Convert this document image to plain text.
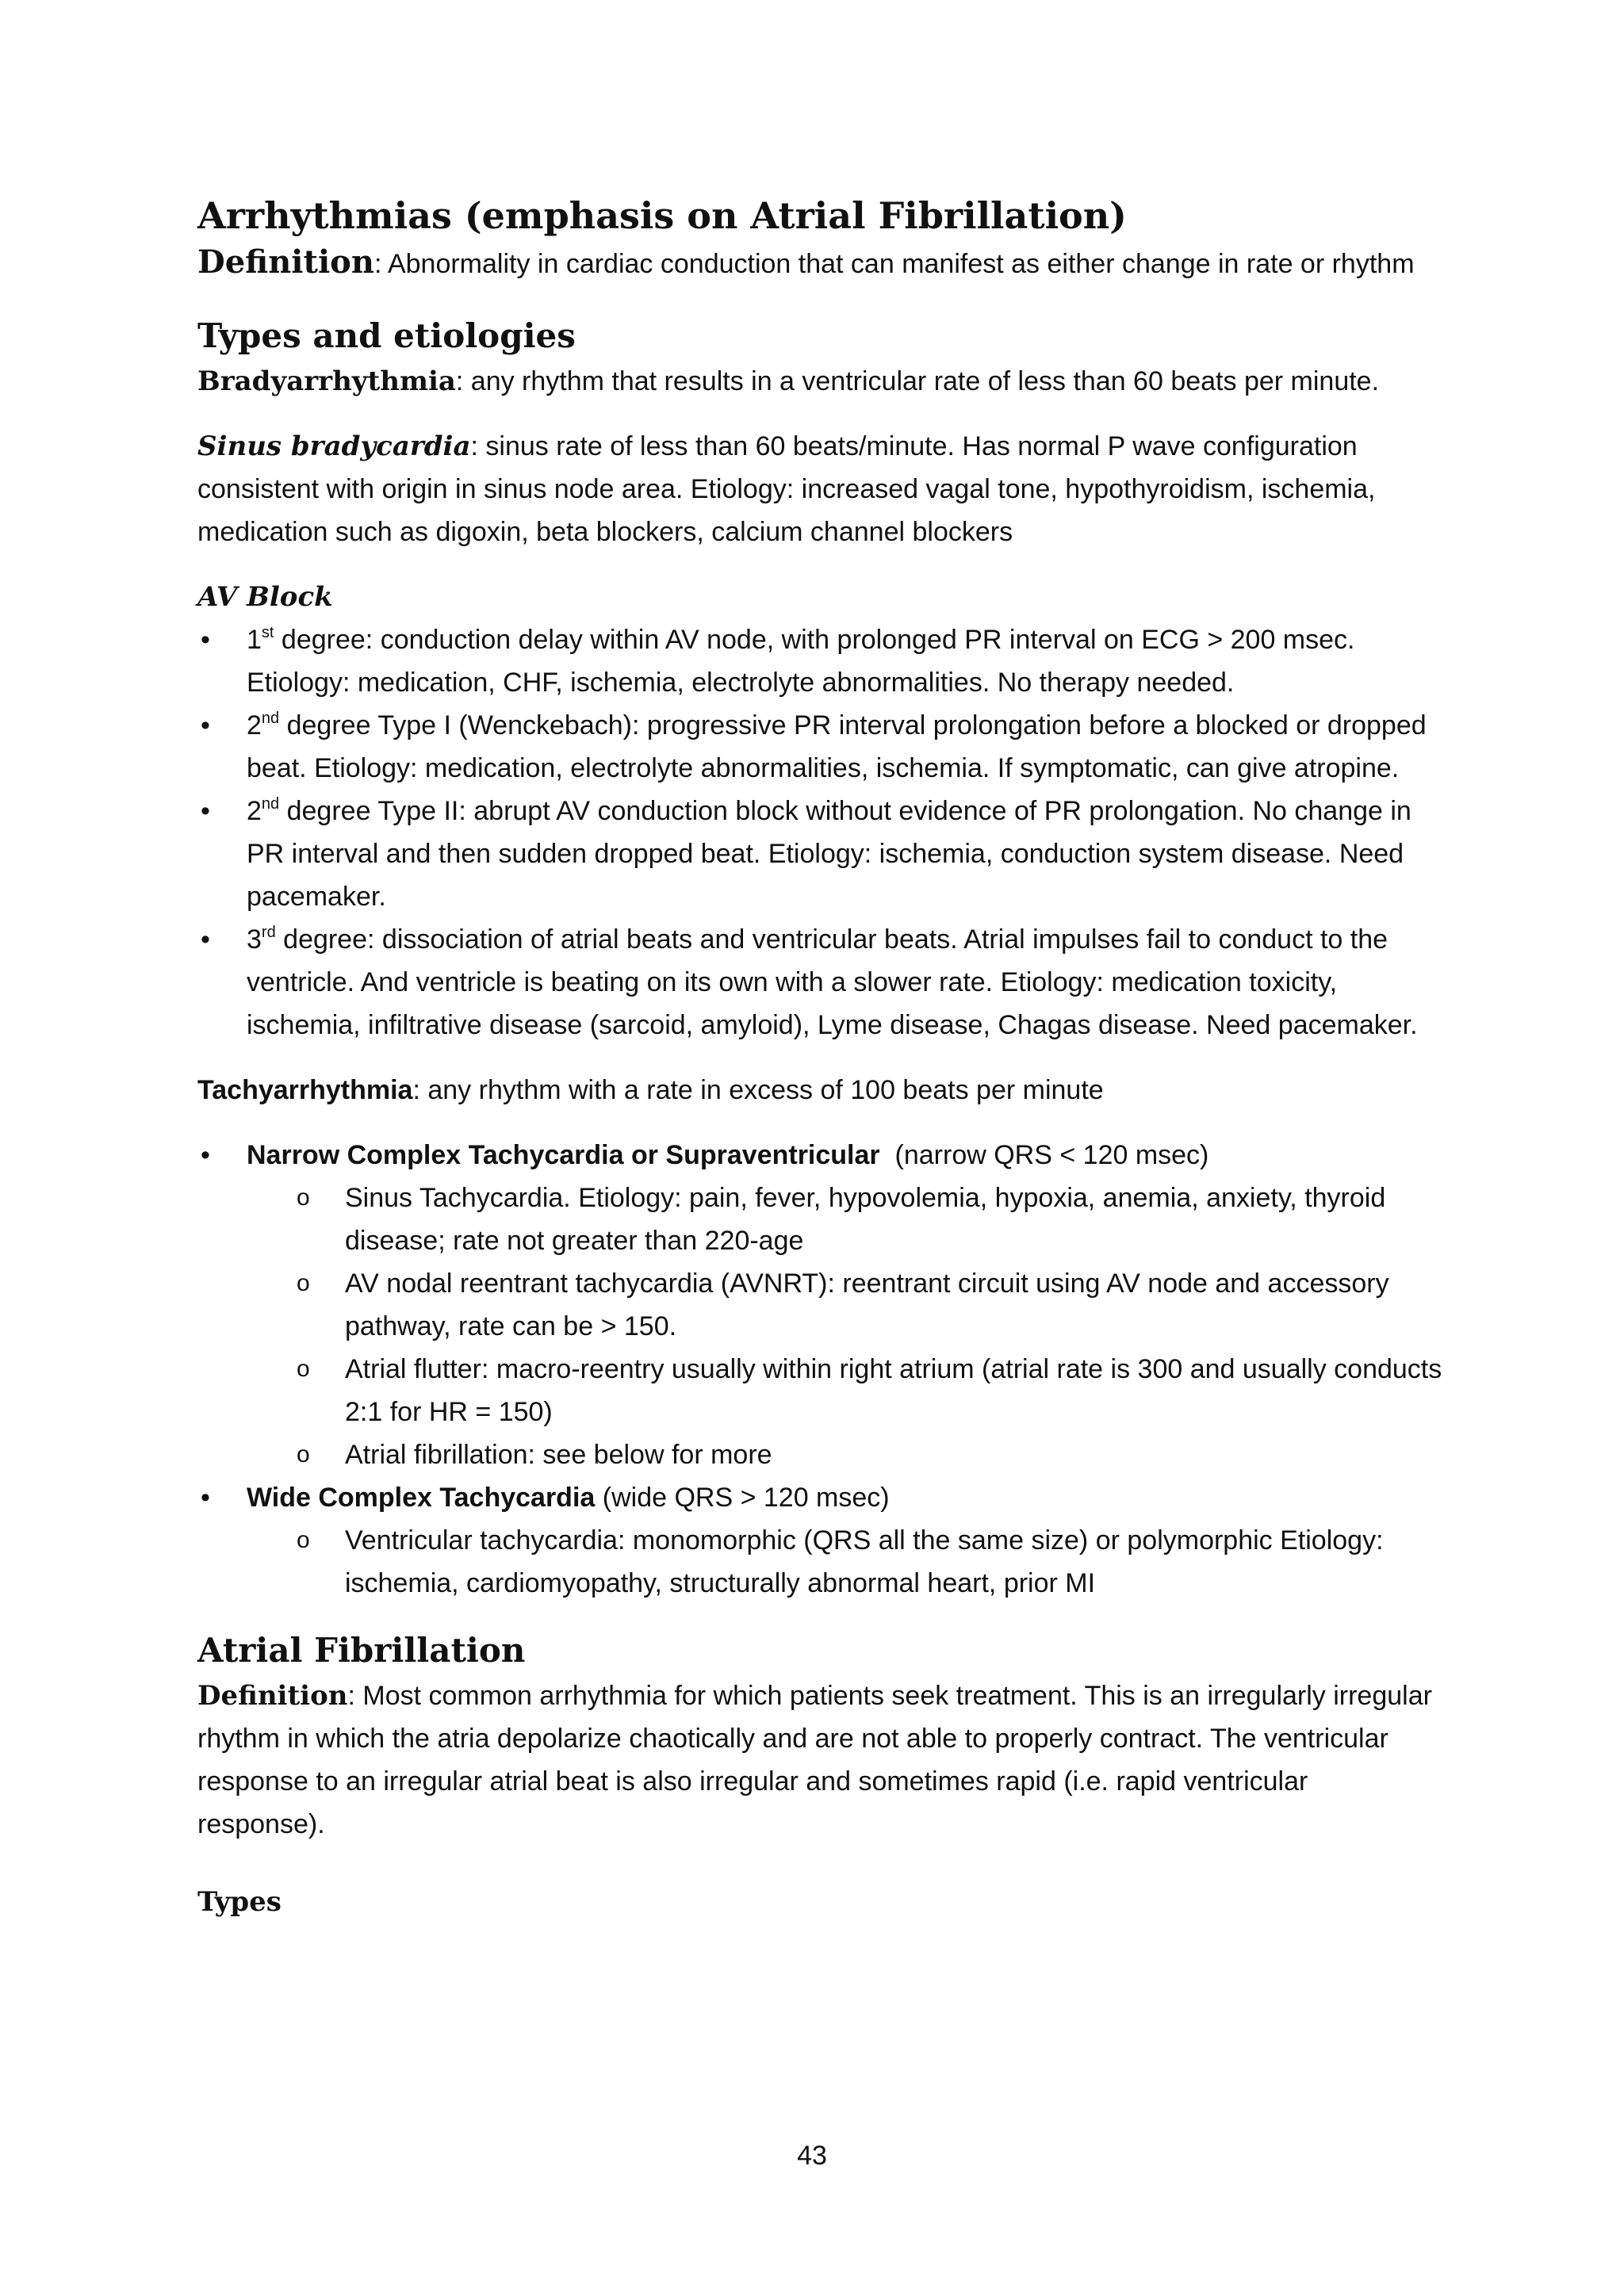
Arrhythmias (emphasis on Atrial Fibrillation)

Definition: Abnormality in cardiac conduction that can manifest as either change in rate or rhythm

Types and etiologies

Bradyarrhythmia: any rhythm that results in a ventricular rate of less than 60 beats per minute.

Sinus bradycardia: sinus rate of less than 60 beats/minute. Has normal P wave configuration consistent with origin in sinus node area. Etiology: increased vagal tone, hypothyroidism, ischemia, medication such as digoxin, beta blockers, calcium channel blockers

AV Block

• 1st degree: conduction delay within AV node, with prolonged PR interval on ECG > 200 msec. Etiology: medication, CHF, ischemia, electrolyte abnormalities. No therapy needed.
• 2nd degree Type I (Wenckebach): progressive PR interval prolongation before a blocked or dropped beat. Etiology: medication, electrolyte abnormalities, ischemia. If symptomatic, can give atropine.
• 2nd degree Type II: abrupt AV conduction block without evidence of PR prolongation. No change in PR interval and then sudden dropped beat. Etiology: ischemia, conduction system disease. Need pacemaker.
• 3rd degree: dissociation of atrial beats and ventricular beats. Atrial impulses fail to conduct to the ventricle. And ventricle is beating on its own with a slower rate. Etiology: medication toxicity, ischemia, infiltrative disease (sarcoid, amyloid), Lyme disease, Chagas disease. Need pacemaker.

Tachyarrhythmia: any rhythm with a rate in excess of 100 beats per minute

• Narrow Complex Tachycardia or Supraventricular  (narrow QRS < 120 msec)
o Sinus Tachycardia. Etiology: pain, fever, hypovolemia, hypoxia, anemia, anxiety, thyroid disease; rate not greater than 220-age
o AV nodal reentrant tachycardia (AVNRT): reentrant circuit using AV node and accessory pathway, rate can be > 150.
o Atrial flutter: macro-reentry usually within right atrium (atrial rate is 300 and usually conducts 2:1 for HR = 150)
o Atrial fibrillation: see below for more
• Wide Complex Tachycardia (wide QRS > 120 msec)
o Ventricular tachycardia: monomorphic (QRS all the same size) or polymorphic Etiology: ischemia, cardiomyopathy, structurally abnormal heart, prior MI
Atrial Fibrillation

Definition: Most common arrhythmia for which patients seek treatment. This is an irregularly irregular rhythm in which the atria depolarize chaotically and are not able to properly contract. The ventricular response to an irregular atrial beat is also irregular and sometimes rapid (i.e. rapid ventricular response).

Types

43
